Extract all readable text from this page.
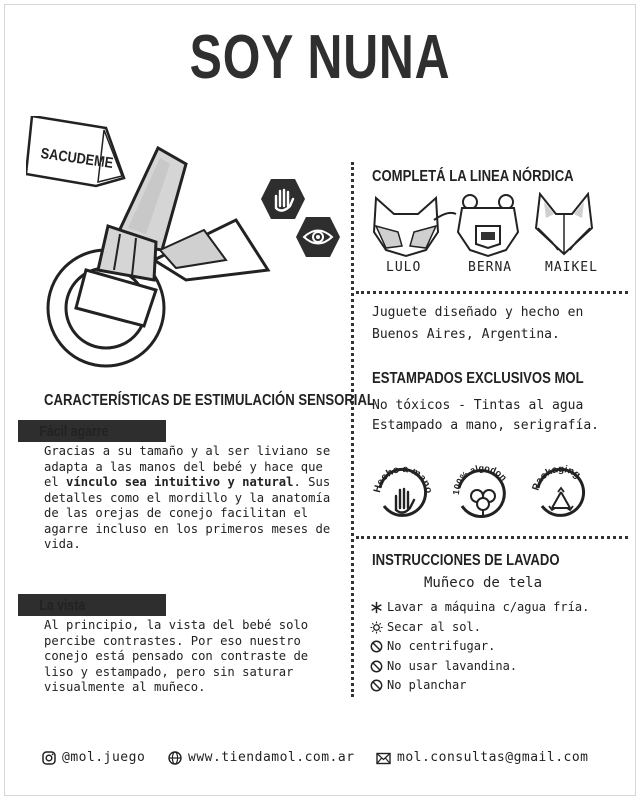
SOY NUNA
SACUDEME
COMPLETÁ LA LINEA NÓRDICA
LULO	BERNA	MAIKEL
Juguete diseñado y hecho en Buenos Aires, Argentina.
CARACTERÍSTICAS DE ESTIMULACIÓN SENSORIAL
Fácil agarre
Gracias a su tamaño y al ser liviano se adapta a las manos del bebé y hace que el vínculo sea intuitivo y natural. Sus detalles como el mordillo y la anatomía de las orejas de conejo facilitan el agarre incluso en los primeros meses de vida.
La vista
Al principio, la vista del bebé solo percibe contrastes. Por eso nuestro conejo está pensado con contraste de liso y estampado, pero sin saturar visualmente al muñeco.
ESTAMPADOS EXCLUSIVOS MOL
No tóxicos - Tintas al agua
Estampado a mano, serigrafía.
Hecho a mano 100% algodon
Packaging
INSTRUCCIONES DE LAVADO
Muñeco de tela
Lavar a máquina c/agua fría.
Secar al sol.
No centrifugar.
No usar lavandina.
No planchar
@mol.juego	www.tiendamol.com.ar	mol.consultas@gmail.com
